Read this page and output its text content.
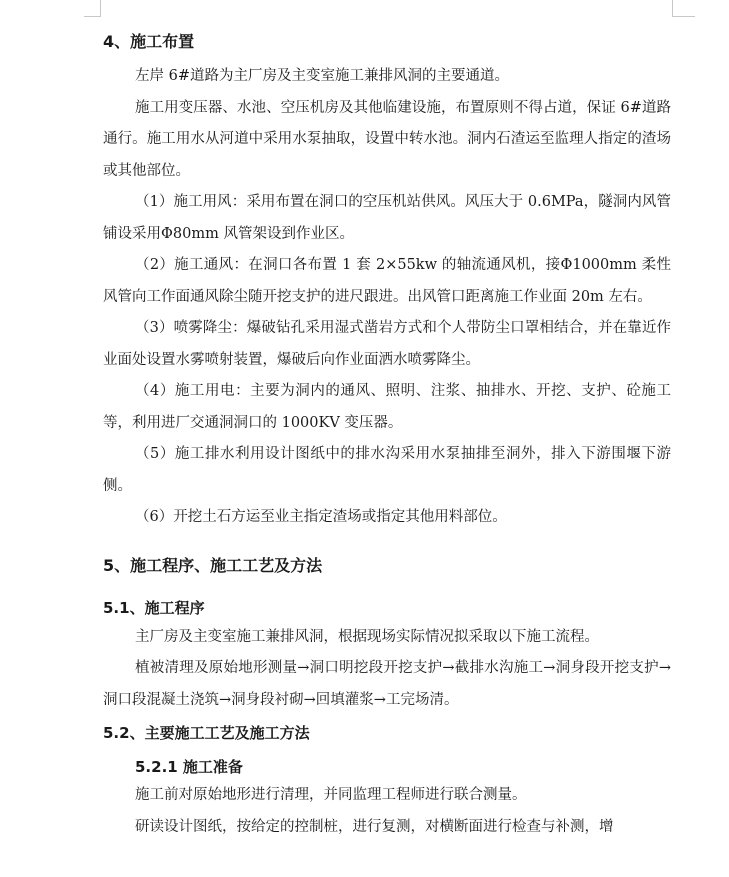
4、施工布置

左岸 6#道路为主厂房及主变室施工兼排风洞的主要通道。

施工用变压器、水池、空压机房及其他临建设施，布置原则不得占道，保证 6#道路通行。施工用水从河道中采用水泵抽取，设置中转水池。洞内石渣运至监理人指定的渣场或其他部位。

（1）施工用风：采用布置在洞口的空压机站供风。风压大于 0.6MPa，隧洞内风管铺设采用Φ80mm 风管架设到作业区。

（2）施工通风：在洞口各布置 1 套 2×55kw 的轴流通风机，接Φ1000mm 柔性风管向工作面通风除尘随开挖支护的进尺跟进。出风管口距离施工作业面 20m 左右。

（3）喷雾降尘：爆破钻孔采用湿式凿岩方式和个人带防尘口罩相结合，并在靠近作业面处设置水雾喷射装置，爆破后向作业面洒水喷雾降尘。

（4）施工用电：主要为洞内的通风、照明、注浆、抽排水、开挖、支护、砼施工等，利用进厂交通洞洞口的 1000KV 变压器。

（5）施工排水利用设计图纸中的排水沟采用水泵抽排至洞外，排入下游围堰下游侧。

（6）开挖土石方运至业主指定渣场或指定其他用料部位。

5、施工程序、施工工艺及方法
5.1、施工程序

主厂房及主变室施工兼排风洞，根据现场实际情况拟采取以下施工流程。

植被清理及原始地形测量→洞口明挖段开挖支护→截排水沟施工→洞身段开挖支护→洞口段混凝土浇筑→洞身段衬砌→回填灌浆→工完场清。

5.2、主要施工工艺及施工方法
5.2.1 施工准备

施工前对原始地形进行清理，并同监理工程师进行联合测量。

研读设计图纸，按给定的控制桩，进行复测，对横断面进行检查与补测，增
